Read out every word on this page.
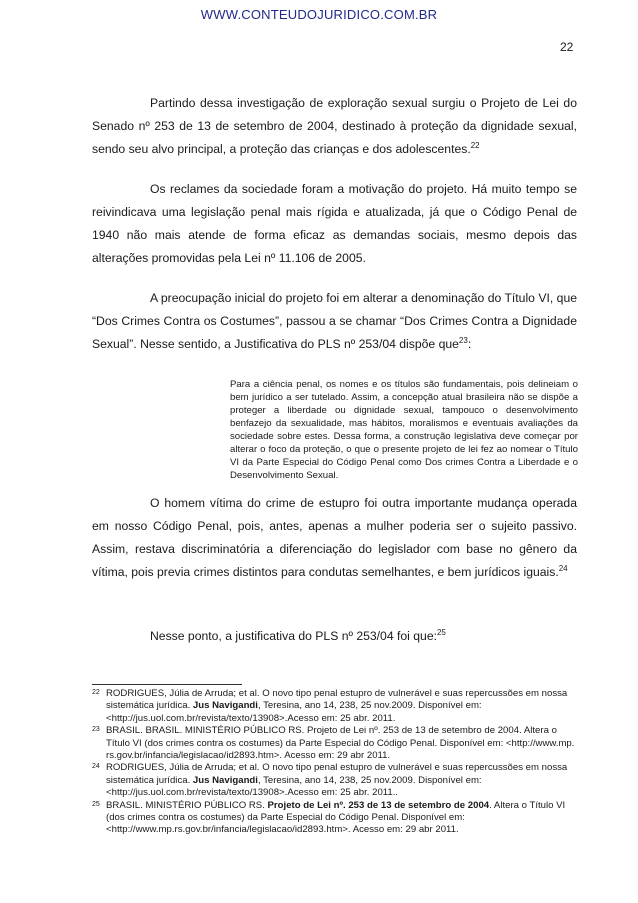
WWW.CONTEUDOJURIDICO.COM.BR
22

Partindo dessa investigação de exploração sexual surgiu o Projeto de Lei do Senado nº 253 de 13 de setembro de 2004, destinado à proteção da dignidade sexual, sendo seu alvo principal, a proteção das crianças e dos adolescentes.$^{22}$

Os reclames da sociedade foram a motivação do projeto. Há muito tempo se reivindicava uma legislação penal mais rígida e atualizada, já que o Código Penal de 1940 não mais atende de forma eficaz as demandas sociais, mesmo depois das alterações promovidas pela Lei nº 11.106 de 2005.

A preocupação inicial do projeto foi em alterar a denominação do Título VI, que “Dos Crimes Contra os Costumes”, passou a se chamar “Dos Crimes Contra a Dignidade Sexual”. Nesse sentido, a Justificativa do PLS nº 253/04 dispõe que$^{23}$:

Para a ciência penal, os nomes e os títulos são fundamentais, pois delineiam o bem jurídico a ser tutelado. Assim, a concepção atual brasileira não se dispõe a proteger a liberdade ou dignidade sexual, tampouco o desenvolvimento benfazejo da sexualidade, mas hábitos, moralismos e eventuais avaliações da sociedade sobre estes. Dessa forma, a construção legislativa deve começar por alterar o foco da proteção, o que o presente projeto de lei fez ao nomear o Título VI da Parte Especial do Código Penal como Dos crimes Contra a Liberdade e o Desenvolvimento Sexual.

O homem vítima do crime de estupro foi outra importante mudança operada em nosso Código Penal, pois, antes, apenas a mulher poderia ser o sujeito passivo. Assim, restava discriminatória a diferenciação do legislador com base no gênero da vítima, pois previa crimes distintos para condutas semelhantes, e bem jurídicos iguais.$^{24}$

Nesse ponto, a justificativa do PLS nº 253/04 foi que:$^{25}$

22 RODRIGUES, Júlia de Arruda; et al. O novo tipo penal estupro de vulnerável e suas repercussões em nossa sistemática jurídica. Jus Navigandi, Teresina, ano 14, 238, 25 nov.2009. Disponível em:<http://jus.uol.com.br/revista/texto/13908>.Acesso em: 25 abr. 2011.
23 BRASIL. BRASIL. MINISTÉRIO PÚBLICO RS. Projeto de Lei nº. 253 de 13 de setembro de 2004. Altera o Título VI (dos crimes contra os costumes) da Parte Especial do Código Penal. Disponível em: <http://www.mp. rs.gov.br/infancia/legislacao/id2893.htm>. Acesso em: 29 abr 2011.
24 RODRIGUES, Júlia de Arruda; et al. O novo tipo penal estupro de vulnerável e suas repercussões em nossa sistemática jurídica. Jus Navigandi, Teresina, ano 14, 238, 25 nov.2009. Disponível em:<http://jus.uol.com.br/revista/texto/13908>.Acesso em: 25 abr. 2011..
25 BRASIL. MINISTÉRIO PÚBLICO RS. Projeto de Lei nº. 253 de 13 de setembro de 2004. Altera o Título VI (dos crimes contra os costumes) da Parte Especial do Código Penal. Disponível em: <http://www.mp.rs.gov.br/infancia/legislacao/id2893.htm>. Acesso em: 29 abr 2011.
